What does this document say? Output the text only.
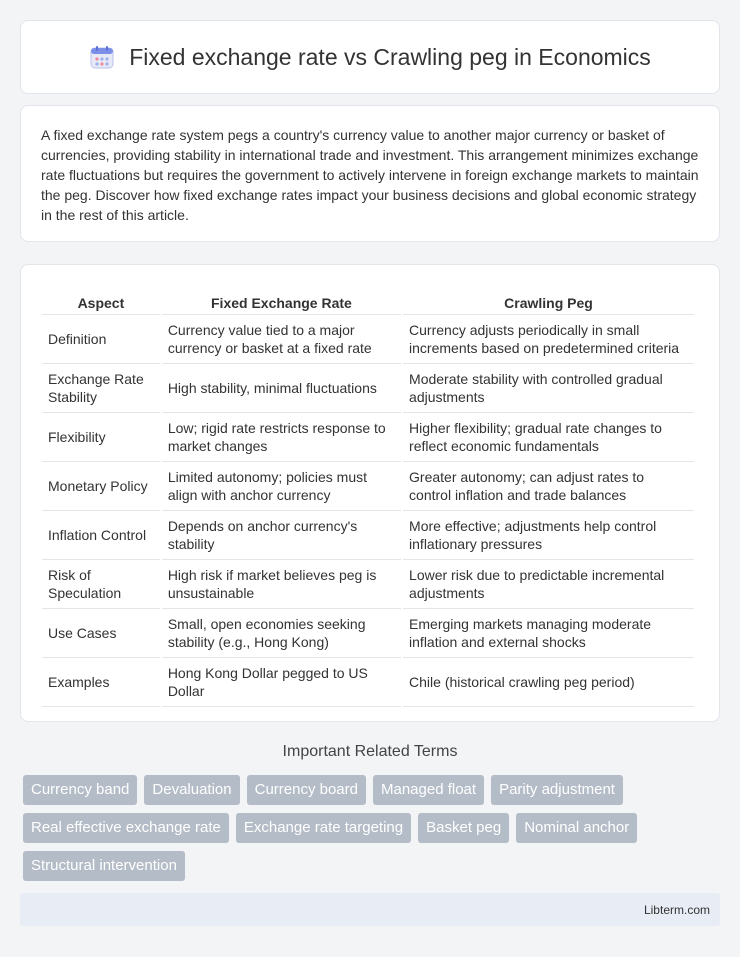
Fixed exchange rate vs Crawling peg in Economics

A fixed exchange rate system pegs a country's currency value to another major currency or basket of currencies, providing stability in international trade and investment. This arrangement minimizes exchange rate fluctuations but requires the government to actively intervene in foreign exchange markets to maintain the peg. Discover how fixed exchange rates impact your business decisions and global economic strategy in the rest of this article.

Aspect	Fixed Exchange Rate	Crawling Peg
Definition	Currency value tied to a major currency or basket at a fixed rate	Currency adjusts periodically in small increments based on predetermined criteria
Exchange Rate Stability	High stability, minimal fluctuations	Moderate stability with controlled gradual adjustments
Flexibility	Low; rigid rate restricts response to market changes	Higher flexibility; gradual rate changes to reflect economic fundamentals
Monetary Policy	Limited autonomy; policies must align with anchor currency	Greater autonomy; can adjust rates to control inflation and trade balances
Inflation Control	Depends on anchor currency's stability	More effective; adjustments help control inflationary pressures
Risk of Speculation	High risk if market believes peg is unsustainable	Lower risk due to predictable incremental adjustments
Use Cases	Small, open economies seeking stability (e.g., Hong Kong)	Emerging markets managing moderate inflation and external shocks
Examples	Hong Kong Dollar pegged to US Dollar	Chile (historical crawling peg period)
Important Related Terms
Currency band	Devaluation	Currency board	Managed float	Parity adjustment
Real effective exchange rate	Exchange rate targeting	Basket peg	Nominal anchor
Structural intervention
Libterm.com
